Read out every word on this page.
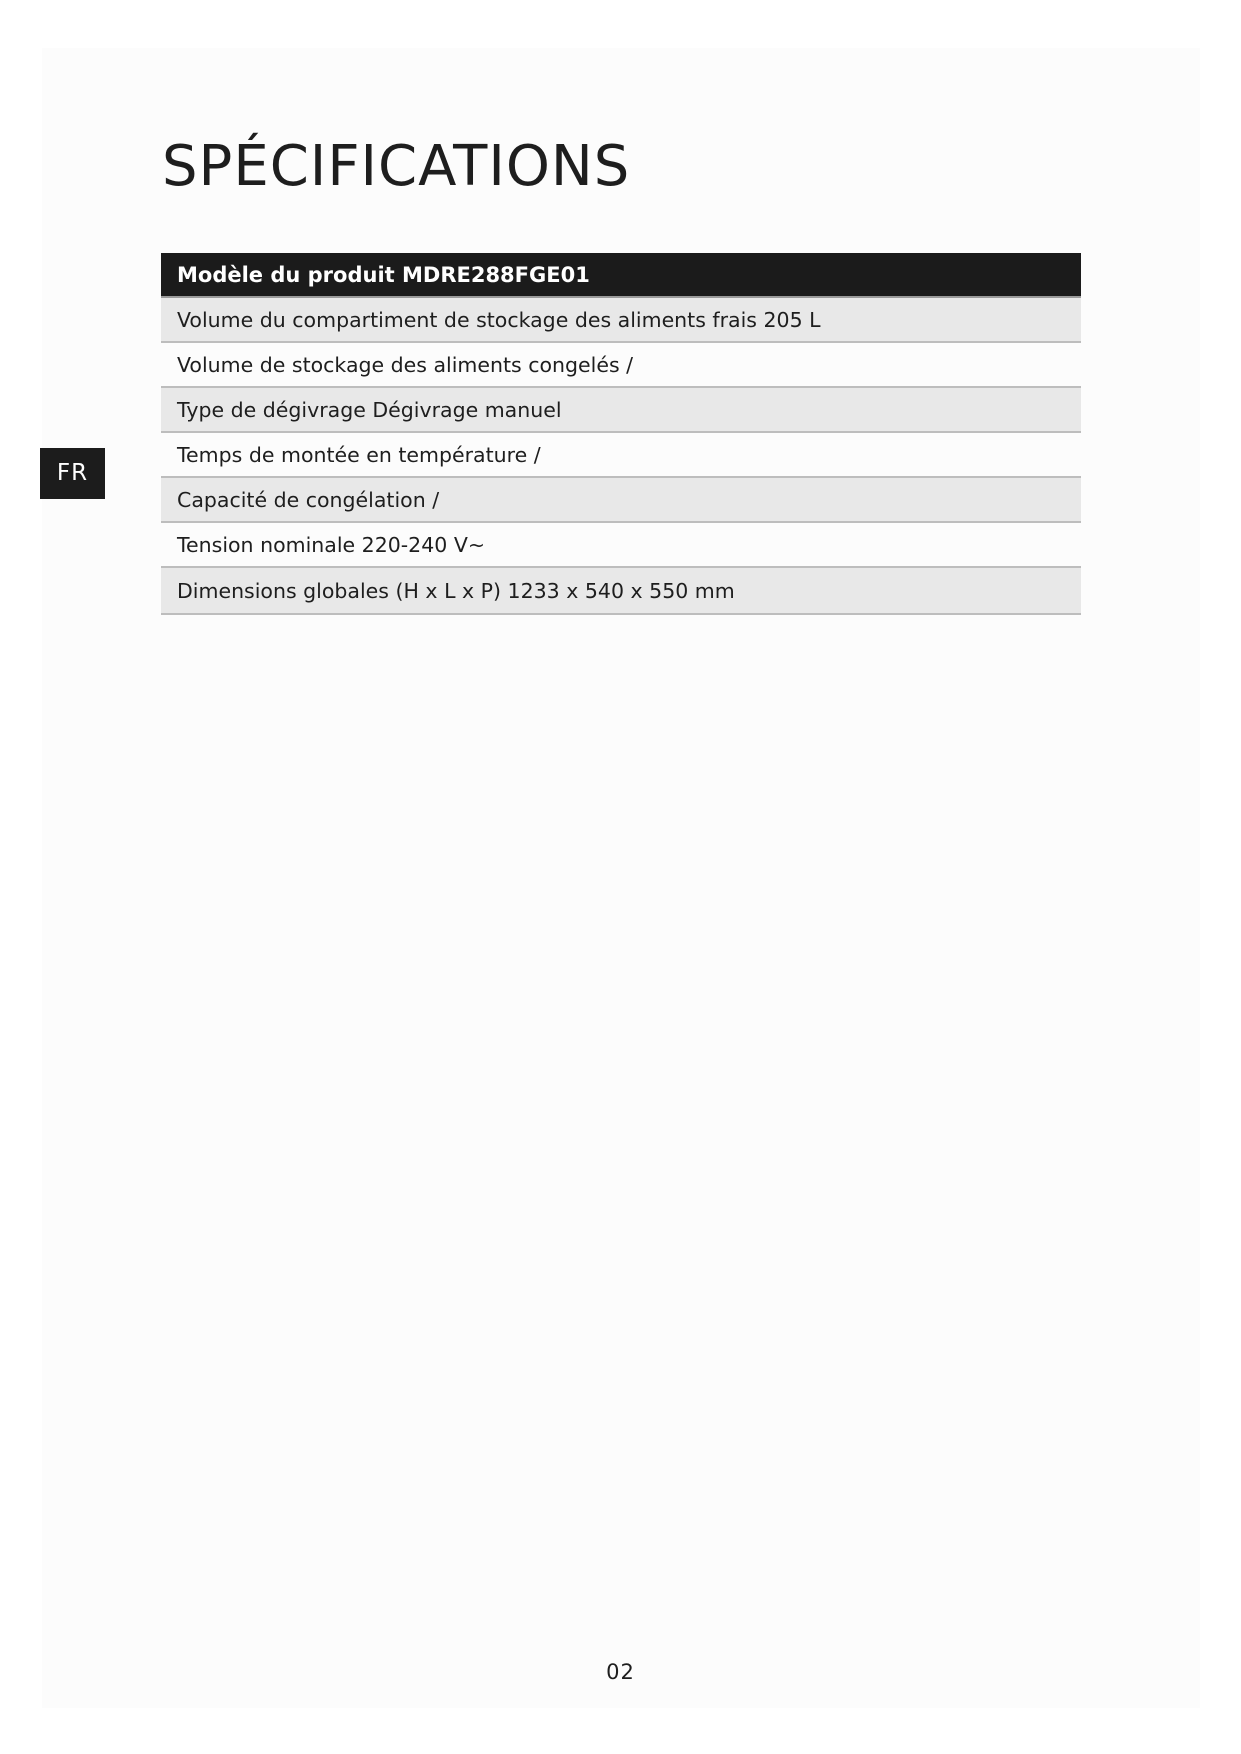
SPÉCIFICATIONS
FR
Modèle du produit MDRE288FGE01
Volume du compartiment de stockage des aliments frais 205 L
Volume de stockage des aliments congelés /
Type de dégivrage Dégivrage manuel
Temps de montée en température /
Capacité de congélation /
Tension nominale 220-240 V~
Dimensions globales (H x L x P) 1233 x 540 x 550 mm
02
